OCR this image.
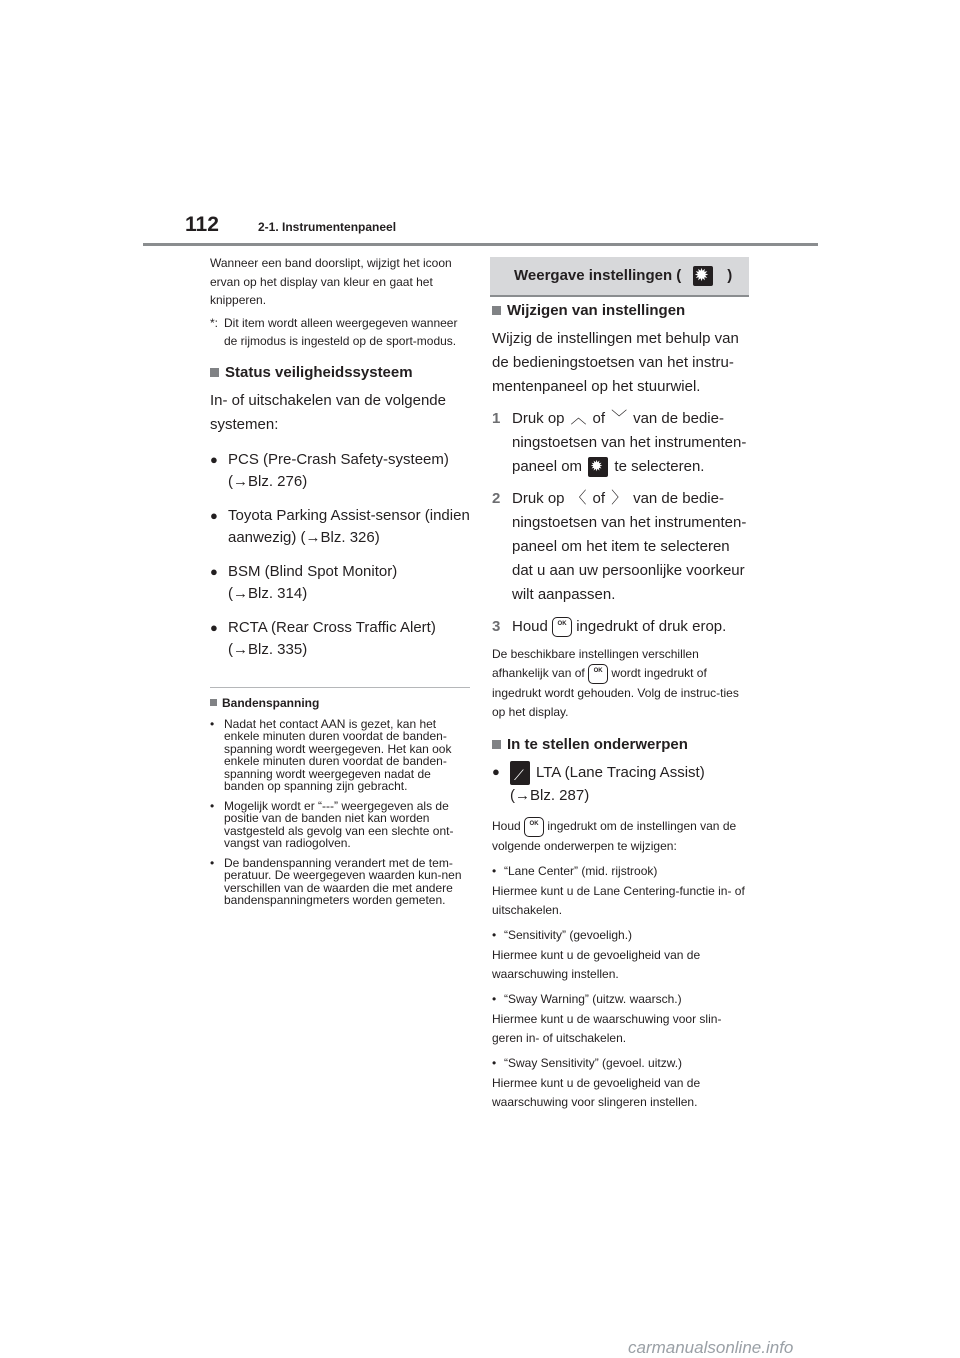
112	2-1. Instrumentenpaneel

Wanneer een band doorslipt, wijzigt het icoon ervan op het display van kleur en gaat het knipperen.

*: Dit item wordt alleen weergegeven wanneer de rijmodus is ingesteld op de sport-modus.
Status veiligheidssysteem

In- of uitschakelen van de volgende systemen:

● PCS (Pre-Crash Safety-systeem)
(→Blz. 276)
● Toyota Parking Assist-sensor (indien aanwezig) (→Blz. 326)
● BSM (Blind Spot Monitor)
(→Blz. 314)
● RCTA (Rear Cross Traffic Alert)
(→Blz. 335)
Bandenspanning
• Nadat het contact AAN is gezet, kan het enkele minuten duren voordat de banden-spanning wordt weergegeven. Het kan ook enkele minuten duren voordat de banden-spanning wordt weergegeven nadat de banden op spanning zijn gebracht.
• Mogelijk wordt er “---” weergegeven als de positie van de banden niet kan worden vastgesteld als gevolg van een slechte ont-vangst van radiogolven.
• De bandenspanning verandert met de tem-peratuur. De weergegeven waarden kun-nen verschillen van de waarden die met andere bandenspanningmeters worden gemeten.
Weergave instellingen ( ✹	)
Wijzigen van instellingen

Wijzig de instellingen met behulp van de bedieningstoetsen van het instru-mentenpaneel op het stuurwiel.

1 Druk op ︿ of ﹀ van de bedie-ningstoetsen van het instrumenten-paneel om ✹ te selecteren.
2 Druk op 〈 of 〉 van de bedie-ningstoetsen van het instrumenten-paneel om het item te selecteren dat u aan uw persoonlijke voorkeur wilt aanpassen.
3 Houd OK ingedrukt of druk erop.

De beschikbare instellingen verschillen afhankelijk van of OK wordt ingedrukt of ingedrukt wordt gehouden. Volg de instruc-ties op het display.

In te stellen onderwerpen
● ⟋	LTA (Lane Tracing Assist)
(→Blz. 287)

Houd OK ingedrukt om de instellingen van de volgende onderwerpen te wijzigen:

• “Lane Center” (mid. rijstrook)

Hiermee kunt u de Lane Centering-functie in- of uitschakelen.

• “Sensitivity” (gevoeligh.)

Hiermee kunt u de gevoeligheid van de waarschuwing instellen.

• “Sway Warning” (uitzw. waarsch.)

Hiermee kunt u de waarschuwing voor slin-geren in- of uitschakelen.

• “Sway Sensitivity” (gevoel. uitzw.)

Hiermee kunt u de gevoeligheid van de waarschuwing voor slingeren instellen.

carmanualsonline.info
